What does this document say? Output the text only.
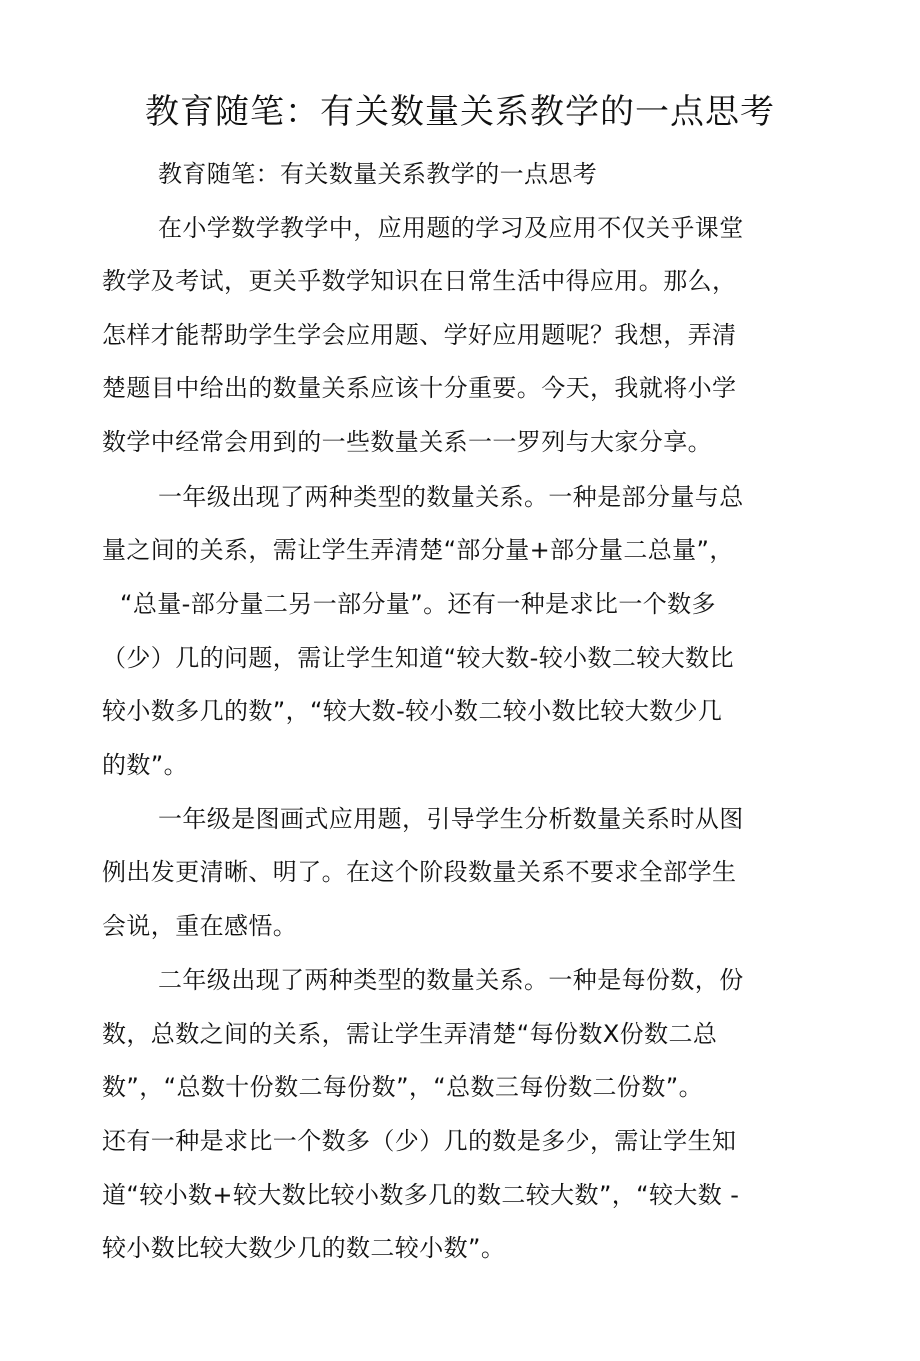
教育随笔：有关数量关系教学的一点思考
教育随笔：有关数量关系教学的一点思考
在小学数学教学中，应用题的学习及应用不仅关乎课堂
教学及考试，更关乎数学知识在日常生活中得应用。那么，
怎样才能帮助学生学会应用题、学好应用题呢？我想，弄清
楚题目中给出的数量关系应该十分重要。今天，我就将小学
数学中经常会用到的一些数量关系一一罗列与大家分享。
一年级出现了两种类型的数量关系。一种是部分量与总
量之间的关系，需让学生弄清楚“部分量+部分量二总量”，
“总量-部分量二另一部分量”。还有一种是求比一个数多
（少）几的问题，需让学生知道“较大数-较小数二较大数比
较小数多几的数”，“较大数-较小数二较小数比较大数少几
的数”。
一年级是图画式应用题，引导学生分析数量关系时从图
例出发更清晰、明了。在这个阶段数量关系不要求全部学生
会说，重在感悟。
二年级出现了两种类型的数量关系。一种是每份数，份
数，总数之间的关系，需让学生弄清楚“每份数X份数二总
数”，“总数十份数二每份数”，“总数三每份数二份数”。
还有一种是求比一个数多（少）几的数是多少，需让学生知
道“较小数+较大数比较小数多几的数二较大数”，“较大数 -
较小数比较大数少几的数二较小数”。
